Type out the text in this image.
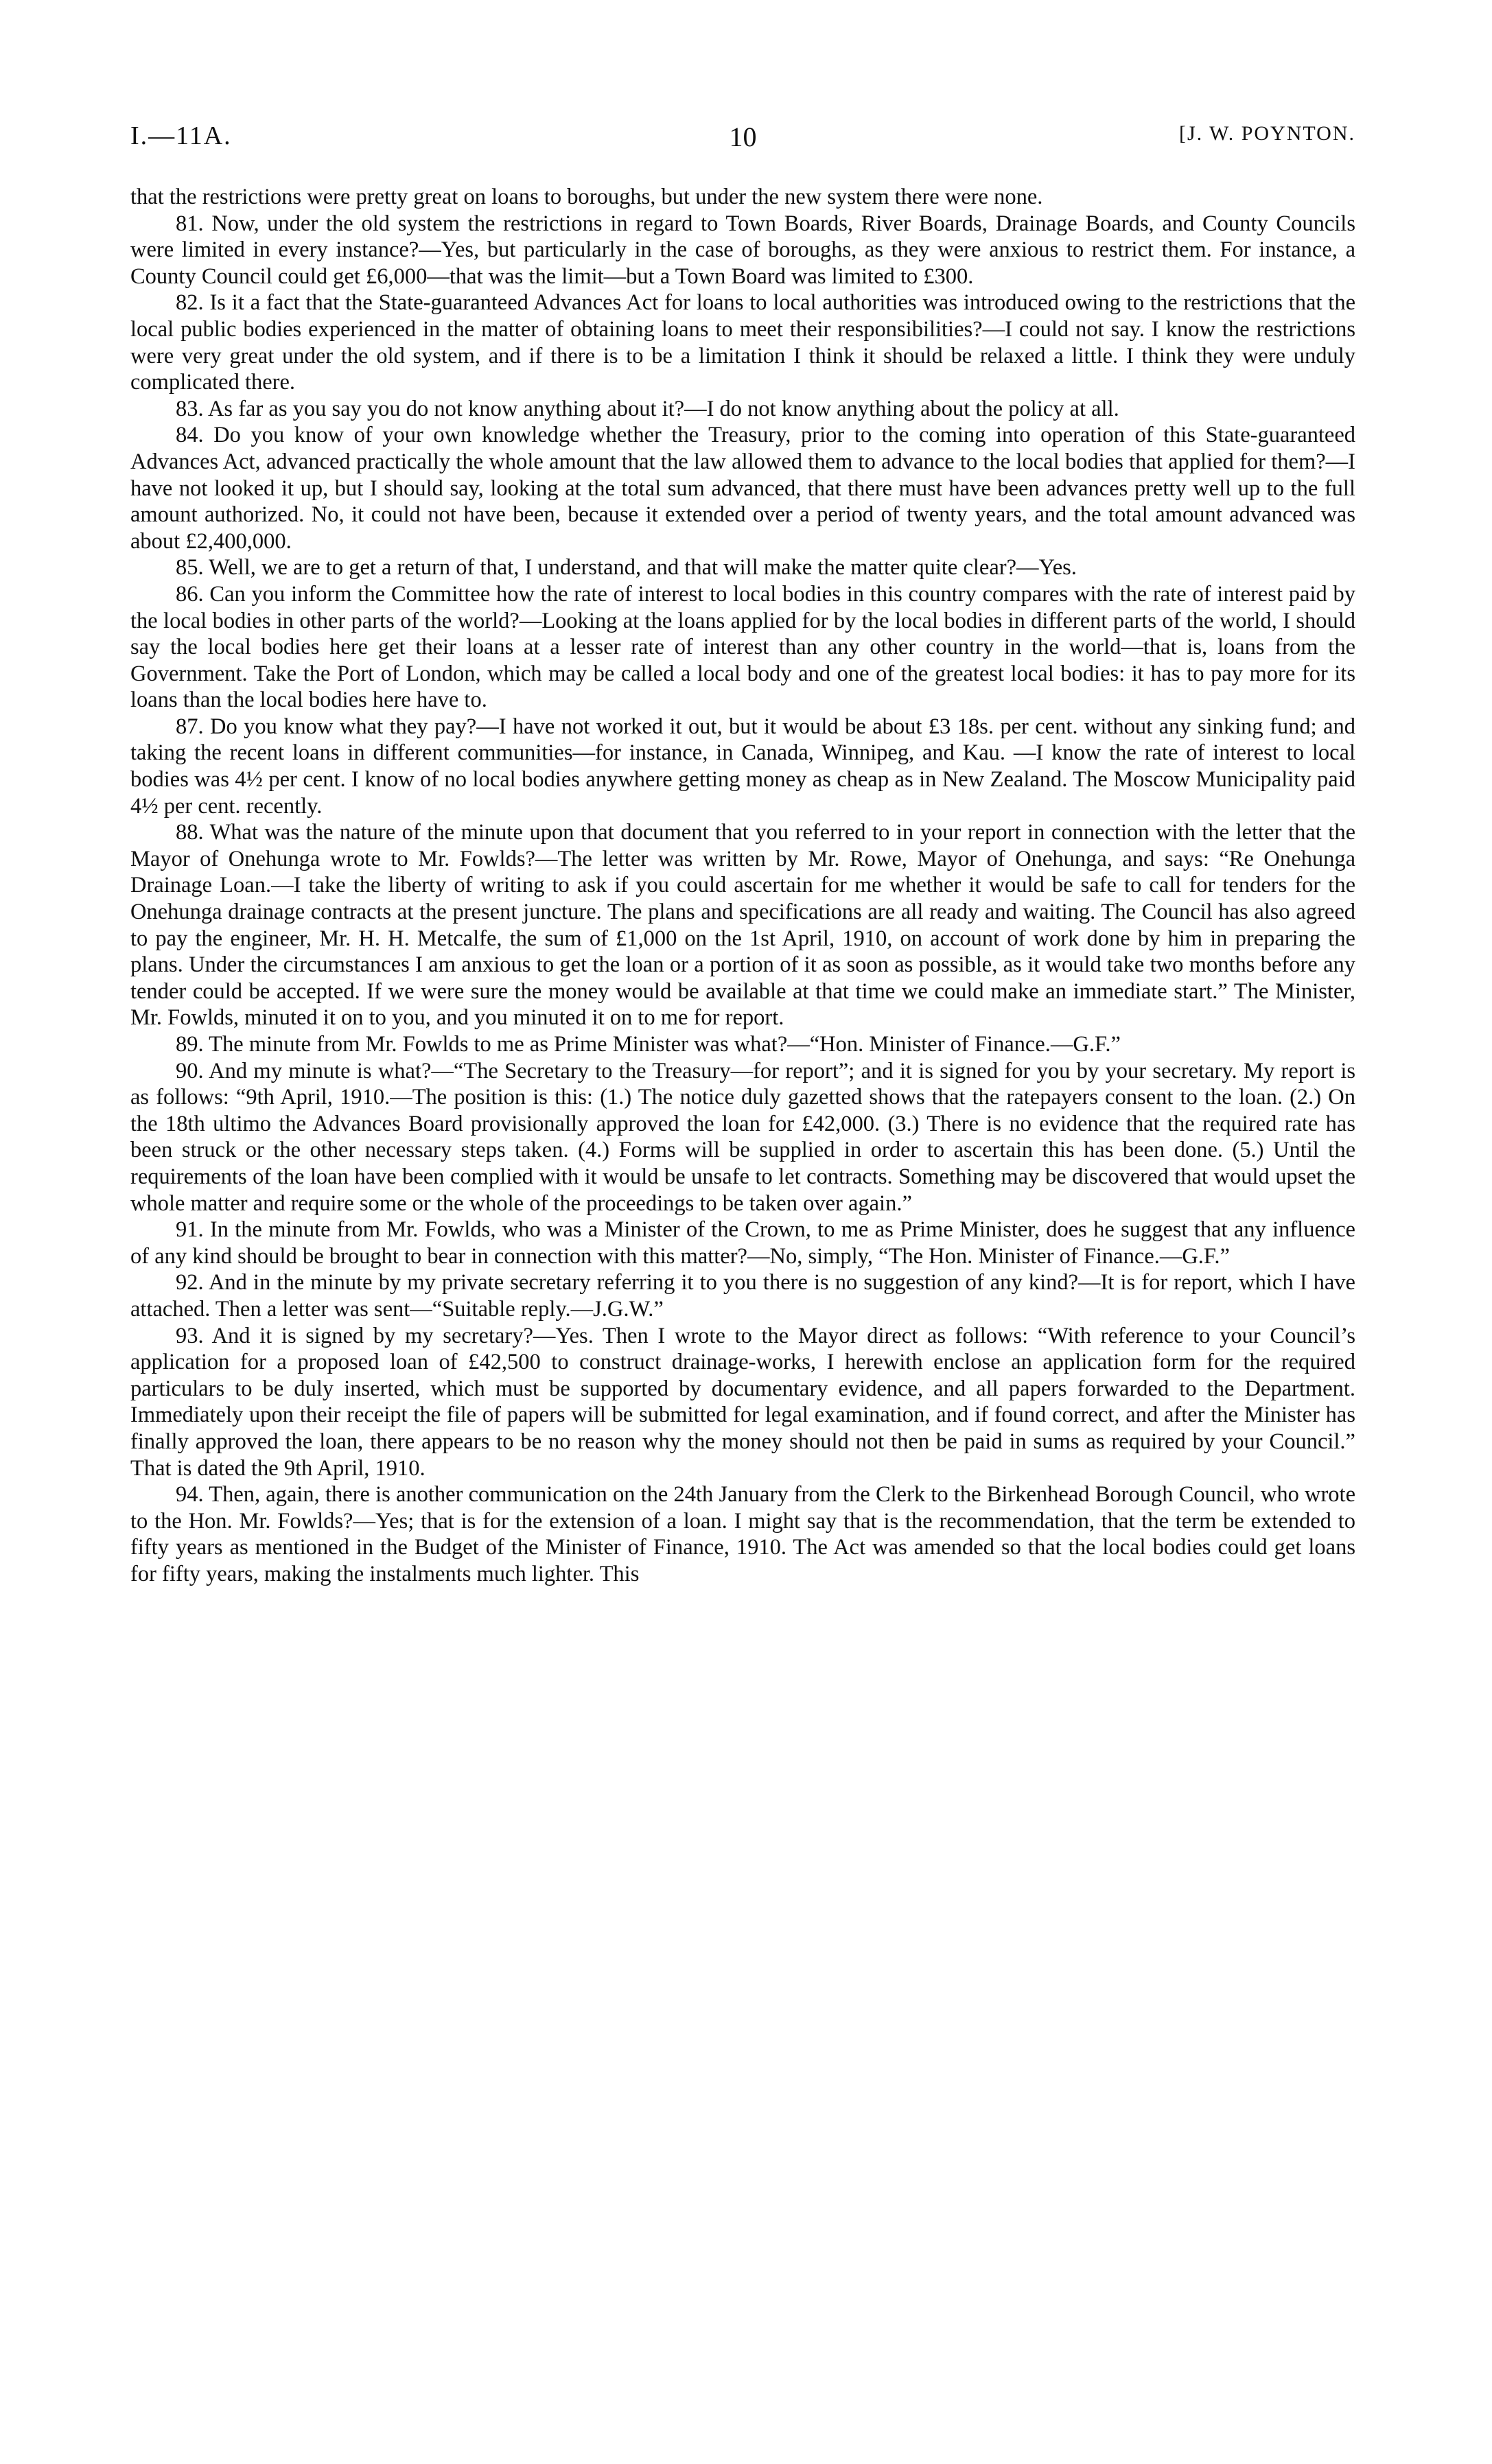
I.—11A.	10	[J. W. POYNTON.

that the restrictions were pretty great on loans to boroughs, but under the new system there were none.

81. Now, under the old system the restrictions in regard to Town Boards, River Boards, Drainage Boards, and County Councils were limited in every instance?—Yes, but particularly in the case of boroughs, as they were anxious to restrict them. For instance, a County Council could get £6,000—that was the limit—but a Town Board was limited to £300.

82. Is it a fact that the State-guaranteed Advances Act for loans to local authorities was introduced owing to the restrictions that the local public bodies experienced in the matter of obtaining loans to meet their responsibilities?—I could not say. I know the restrictions were very great under the old system, and if there is to be a limitation I think it should be relaxed a little. I think they were unduly complicated there.

83. As far as you say you do not know anything about it?—I do not know anything about the policy at all.

84. Do you know of your own knowledge whether the Treasury, prior to the coming into operation of this State-guaranteed Advances Act, advanced practically the whole amount that the law allowed them to advance to the local bodies that applied for them?—I have not looked it up, but I should say, looking at the total sum advanced, that there must have been advances pretty well up to the full amount authorized. No, it could not have been, because it extended over a period of twenty years, and the total amount advanced was about £2,400,000.

85. Well, we are to get a return of that, I understand, and that will make the matter quite clear?—Yes.

86. Can you inform the Committee how the rate of interest to local bodies in this country compares with the rate of interest paid by the local bodies in other parts of the world?—Looking at the loans applied for by the local bodies in different parts of the world, I should say the local bodies here get their loans at a lesser rate of interest than any other country in the world—that is, loans from the Government. Take the Port of London, which may be called a local body and one of the greatest local bodies: it has to pay more for its loans than the local bodies here have to.

87. Do you know what they pay?—I have not worked it out, but it would be about £3 18s. per cent. without any sinking fund; and taking the recent loans in different communities—for instance, in Canada, Winnipeg, and Kau. —I know the rate of interest to local bodies was 4½ per cent. I know of no local bodies anywhere getting money as cheap as in New Zealand. The Moscow Municipality paid 4½ per cent. recently.

88. What was the nature of the minute upon that document that you referred to in your report in connection with the letter that the Mayor of Onehunga wrote to Mr. Fowlds?—The letter was written by Mr. Rowe, Mayor of Onehunga, and says: “Re Onehunga Drainage Loan.—I take the liberty of writing to ask if you could ascertain for me whether it would be safe to call for tenders for the Onehunga drainage contracts at the present juncture. The plans and specifications are all ready and waiting. The Council has also agreed to pay the engineer, Mr. H. H. Metcalfe, the sum of £1,000 on the 1st April, 1910, on account of work done by him in preparing the plans. Under the circumstances I am anxious to get the loan or a portion of it as soon as possible, as it would take two months before any tender could be accepted. If we were sure the money would be available at that time we could make an immediate start.” The Minister, Mr. Fowlds, minuted it on to you, and you minuted it on to me for report.

89. The minute from Mr. Fowlds to me as Prime Minister was what?—“Hon. Minister of Finance.—G.F.”

90. And my minute is what?—“The Secretary to the Treasury—for report”; and it is signed for you by your secretary. My report is as follows: “9th April, 1910.—The position is this: (1.) The notice duly gazetted shows that the ratepayers consent to the loan. (2.) On the 18th ultimo the Advances Board provisionally approved the loan for £42,000. (3.) There is no evidence that the required rate has been struck or the other necessary steps taken. (4.) Forms will be supplied in order to ascertain this has been done. (5.) Until the requirements of the loan have been complied with it would be unsafe to let contracts. Something may be discovered that would upset the whole matter and require some or the whole of the proceedings to be taken over again.”

91. In the minute from Mr. Fowlds, who was a Minister of the Crown, to me as Prime Minister, does he suggest that any influence of any kind should be brought to bear in connection with this matter?—No, simply, “The Hon. Minister of Finance.—G.F.”

92. And in the minute by my private secretary referring it to you there is no suggestion of any kind?—It is for report, which I have attached. Then a letter was sent—“Suitable reply.—J.G.W.”

93. And it is signed by my secretary?—Yes. Then I wrote to the Mayor direct as follows: “With reference to your Council’s application for a proposed loan of £42,500 to construct drainage-works, I herewith enclose an application form for the required particulars to be duly inserted, which must be supported by documentary evidence, and all papers forwarded to the Department. Immediately upon their receipt the file of papers will be submitted for legal examination, and if found correct, and after the Minister has finally approved the loan, there appears to be no reason why the money should not then be paid in sums as required by your Council.” That is dated the 9th April, 1910.

94. Then, again, there is another communication on the 24th January from the Clerk to the Birkenhead Borough Council, who wrote to the Hon. Mr. Fowlds?—Yes; that is for the extension of a loan. I might say that is the recommendation, that the term be extended to fifty years as mentioned in the Budget of the Minister of Finance, 1910. The Act was amended so that the local bodies could get loans for fifty years, making the instalments much lighter. This
